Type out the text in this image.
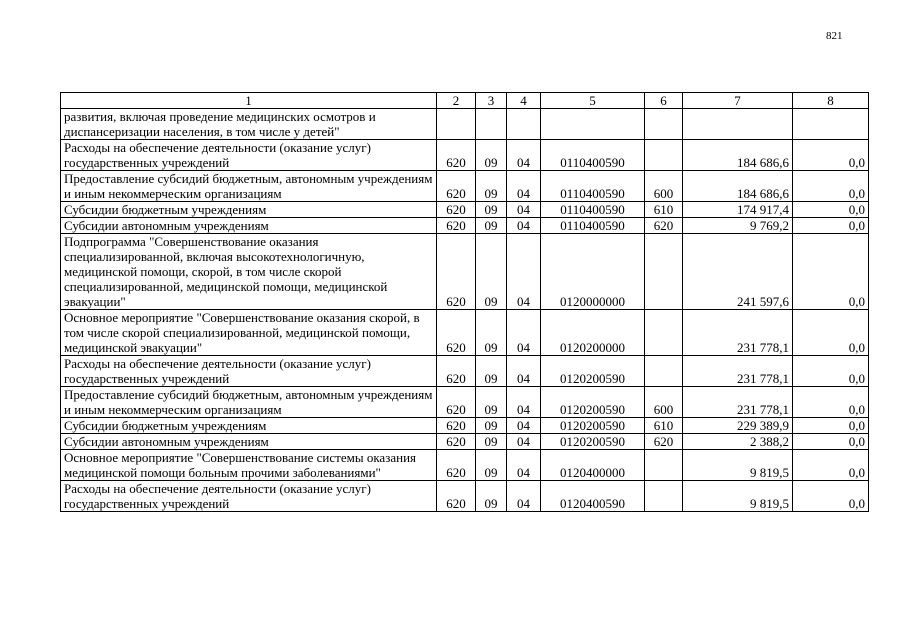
821
1	2	3	4	5	6	7	8
развития, включая проведение медицинских осмотров и диспансеризации населения, в том числе у детей"							
Расходы на обеспечение деятельности (оказание услуг) государственных учреждений	620	09	04	0110400590		184 686,6	0,0
Предоставление субсидий бюджетным, автономным учреждениям и иным некоммерческим организациям	620	09	04	0110400590	600	184 686,6	0,0
Субсидии бюджетным учреждениям	620	09	04	0110400590	610	174 917,4	0,0
Субсидии автономным учреждениям	620	09	04	0110400590	620	9 769,2	0,0
Подпрограмма "Совершенствование оказания специализированной, включая высокотехнологичную, медицинской помощи, скорой, в том числе скорой специализированной, медицинской помощи, медицинской эвакуации"	620	09	04	0120000000		241 597,6	0,0
Основное мероприятие "Совершенствование оказания скорой, в том числе скорой специализированной, медицинской помощи, медицинской эвакуации"	620	09	04	0120200000		231 778,1	0,0
Расходы на обеспечение деятельности (оказание услуг) государственных учреждений	620	09	04	0120200590		231 778,1	0,0
Предоставление субсидий бюджетным, автономным учреждениям и иным некоммерческим организациям	620	09	04	0120200590	600	231 778,1	0,0
Субсидии бюджетным учреждениям	620	09	04	0120200590	610	229 389,9	0,0
Субсидии автономным учреждениям	620	09	04	0120200590	620	2 388,2	0,0
Основное мероприятие "Совершенствование системы оказания медицинской помощи больным прочими заболеваниями"	620	09	04	0120400000		9 819,5	0,0
Расходы на обеспечение деятельности (оказание услуг) государственных учреждений	620	09	04	0120400590		9 819,5	0,0
